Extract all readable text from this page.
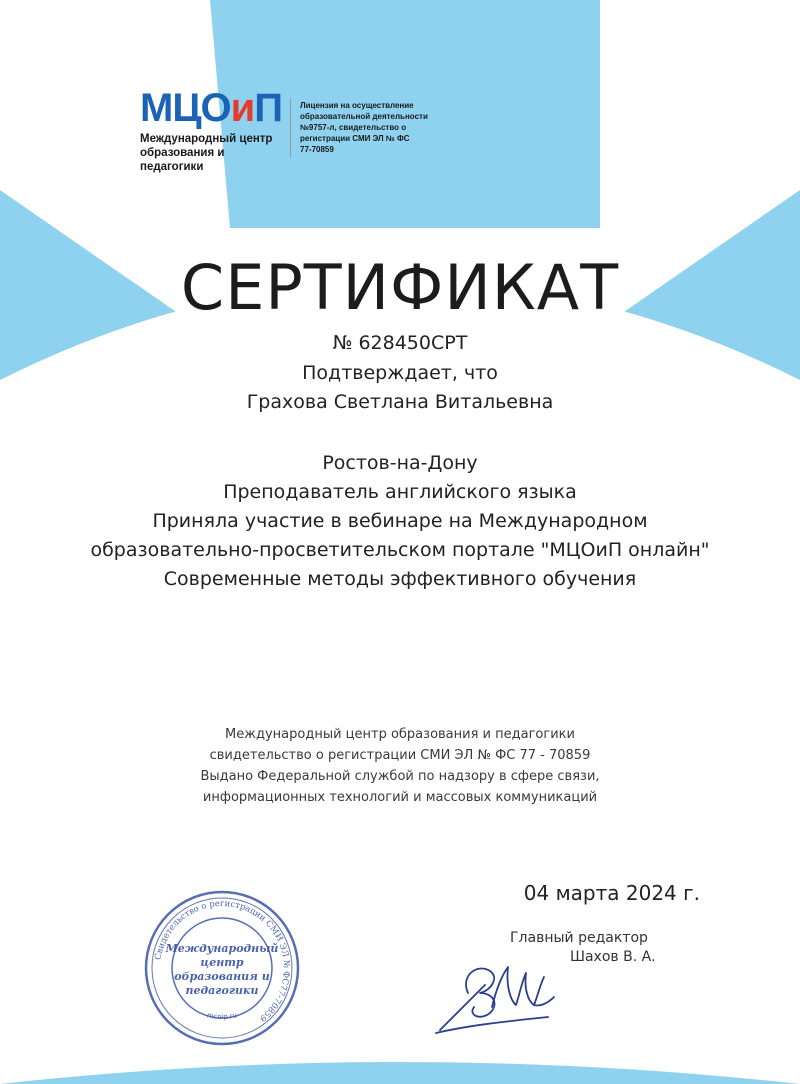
МЦОиП
Международный центр
образования и педагогики
Лицензия на осуществление
образовательной деятельности
№9757-л, свидетельство о
регистрации СМИ ЭЛ № ФС
77-70859
СЕРТИФИКАТ
№ 628450СРТ
Подтверждает, что
Грахова Светлана Витальевна
Ростов-на-Дону
Преподаватель английского языка
Приняла участие в вебинаре на Международном
образовательно-просветительском портале "МЦОиП онлайн"
Современные методы эффективного обучения
Международный центр образования и педагогики
свидетельство о регистрации СМИ ЭЛ № ФС 77 - 70859
Выдано Федеральной службой по надзору в сфере связи,
информационных технологий и массовых коммуникаций
04 марта 2024 г.
Главный редактор
Шахов В. А.
Свидетельство о регистрации СМИ ЭЛ № ФС77-70859
mcoip.ru
Международный
центр
образования и
педагогики
